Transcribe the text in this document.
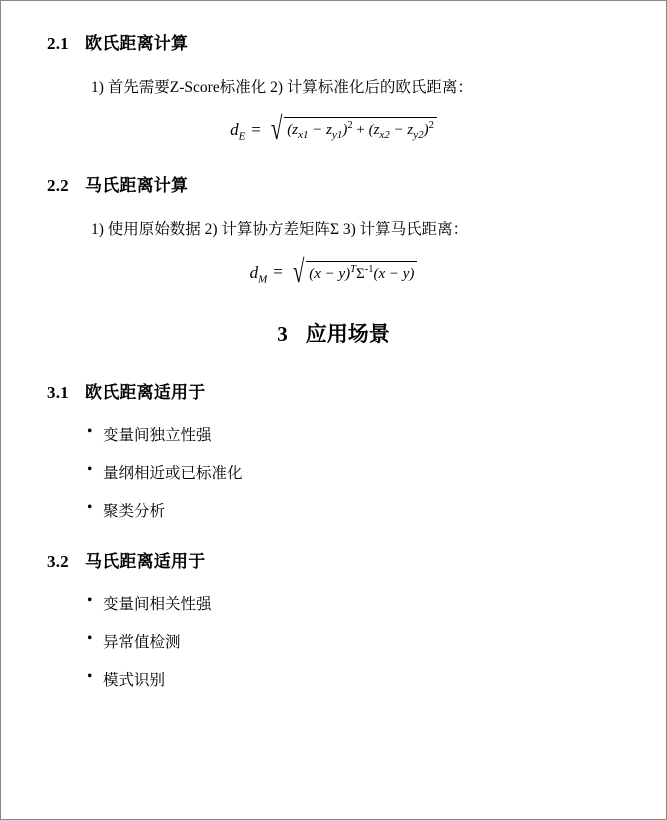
2.1 欧氏距离计算

1) 首先需要Z-Score标准化 2) 计算标准化后的欧氏距离：

$d_E$ = √ $(z_{x1} - z_{y1})^2 + (z_{x2} - z_{y2})^2$
2.2 马氏距离计算

1) 使用原始数据 2) 计算协方差矩阵Σ 3) 计算马氏距离：

$d_M$ = √ $(x - y)^T\Sigma^{-1}(x - y)$
3 应用场景
3.1 欧氏距离适用于
• 变量间独立性强
• 量纲相近或已标准化
• 聚类分析
3.2 马氏距离适用于
• 变量间相关性强
• 异常值检测
• 模式识别
